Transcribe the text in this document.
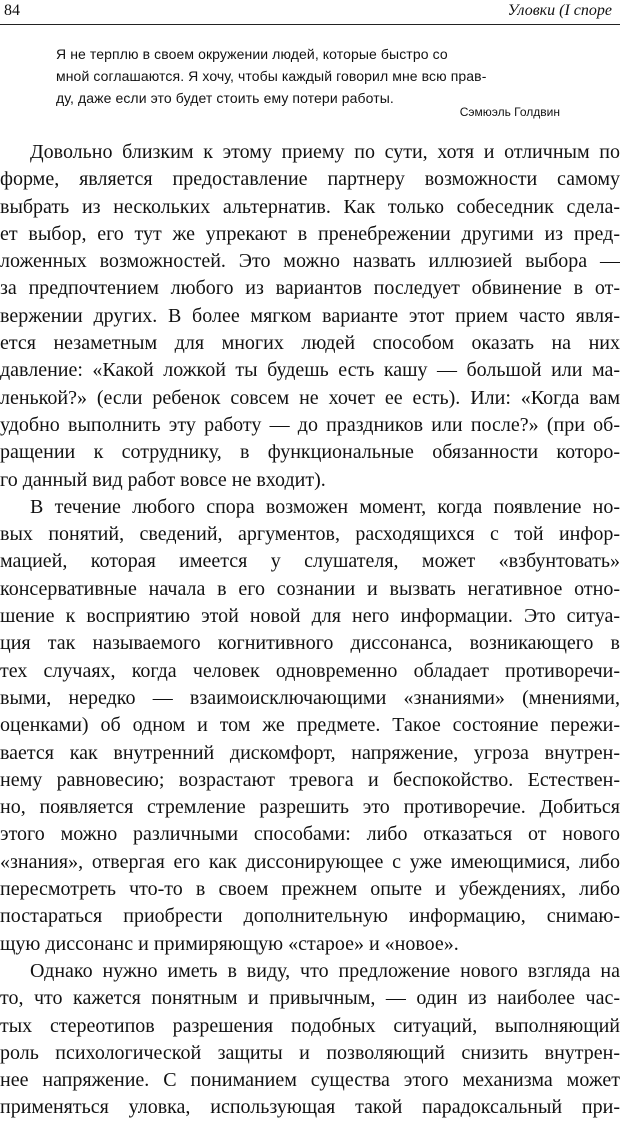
84	Уловки (I споре
Я не терплю в своем окружении людей, которые быстро со
мной соглашаются. Я хочу, чтобы каждый говорил мне всю прав-
ду, даже если это будет стоить ему потери работы.
Сэмюэль Голдвин
Довольно близким к этому приему по сути, хотя и отличным по
форме, является предоставление партнеру возможности самому
выбрать из нескольких альтернатив. Как только собеседник сдела-
ет выбор, его тут же упрекают в пренебрежении другими из пред-
ложенных возможностей. Это можно назвать иллюзией выбора —
за предпочтением любого из вариантов последует обвинение в от-
вержении других. В более мягком варианте этот прием часто явля-
ется незаметным для многих людей способом оказать на них
давление: «Какой ложкой ты будешь есть кашу — большой или ма-
ленькой?» (если ребенок совсем не хочет ее есть). Или: «Когда вам
удобно выполнить эту работу — до праздников или после?» (при об-
ращении к сотруднику, в функциональные обязанности которо-
го данный вид работ вовсе не входит).
В течение любого спора возможен момент, когда появление но-
вых понятий, сведений, аргументов, расходящихся с той инфор-
мацией, которая имеется у слушателя, может «взбунтовать»
консервативные начала в его сознании и вызвать негативное отно-
шение к восприятию этой новой для него информации. Это ситуа-
ция так называемого когнитивного диссонанса, возникающего в
тех случаях, когда человек одновременно обладает противоречи-
выми, нередко — взаимоисключающими «знаниями» (мнениями,
оценками) об одном и том же предмете. Такое состояние пережи-
вается как внутренний дискомфорт, напряжение, угроза внутрен-
нему равновесию; возрастают тревога и беспокойство. Естествен-
но, появляется стремление разрешить это противоречие. Добиться
этого можно различными способами: либо отказаться от нового
«знания», отвергая его как диссонирующее с уже имеющимися, либо
пересмотреть что-то в своем прежнем опыте и убеждениях, либо
постараться приобрести дополнительную информацию, снимаю-
щую диссонанс и примиряющую «старое» и «новое».
Однако нужно иметь в виду, что предложение нового взгляда на
то, что кажется понятным и привычным, — один из наиболее час-
тых стереотипов разрешения подобных ситуаций, выполняющий
роль психологической защиты и позволяющий снизить внутрен-
нее напряжение. С пониманием существа этого механизма может
применяться уловка, использующая такой парадоксальный при-
